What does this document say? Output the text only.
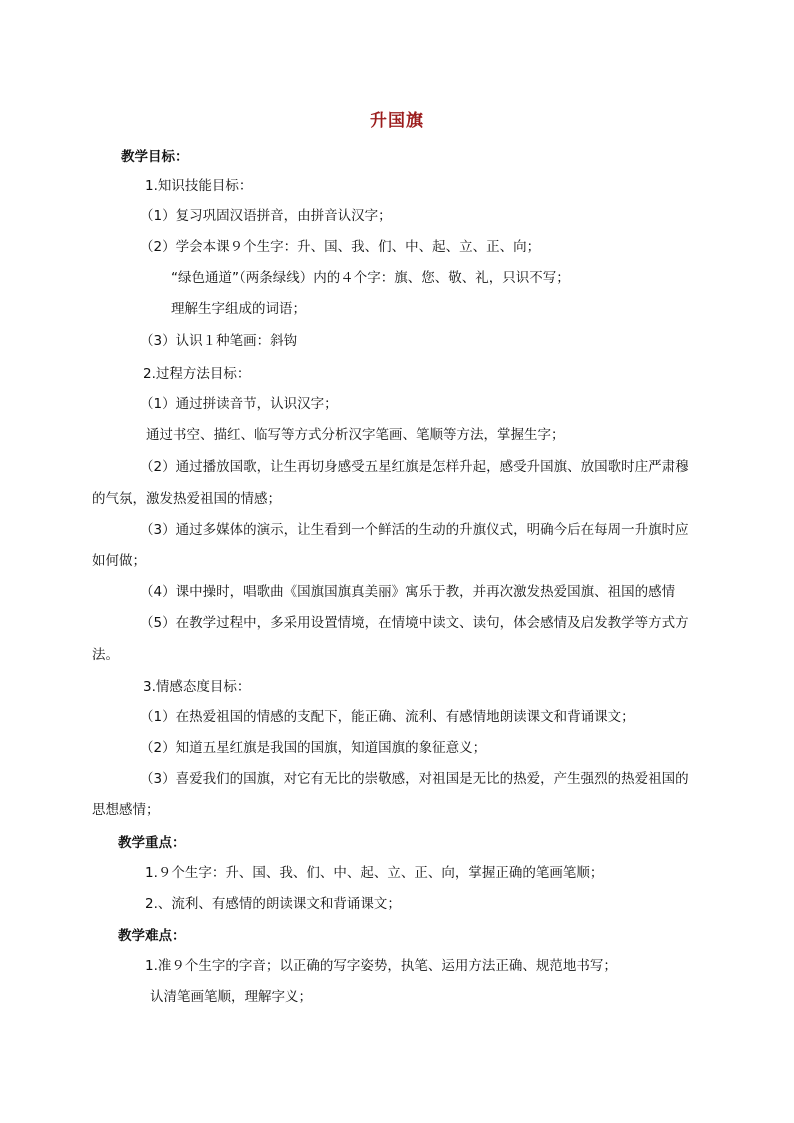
升国旗
教学目标：
1.知识技能目标：
（1）复习巩固汉语拼音，由拼音认汉字；
（2）学会本课９个生字：升、国、我、们、中、起、立、正、向；
“绿色通道”（两条绿线）内的４个字：旗、您、敬、礼，只识不写；
理解生字组成的词语；
（3）认识１种笔画：斜钩
2.过程方法目标：
（1）通过拼读音节，认识汉字；
通过书空、描红、临写等方式分析汉字笔画、笔顺等方法，掌握生字；
（2）通过播放国歌，让生再切身感受五星红旗是怎样升起，感受升国旗、放国歌时庄严肃穆
的气氛，激发热爱祖国的情感；
（3）通过多媒体的演示，让生看到一个鲜活的生动的升旗仪式，明确今后在每周一升旗时应
如何做；
（4）课中操时，唱歌曲《国旗国旗真美丽》寓乐于教，并再次激发热爱国旗、祖国的感情
（5）在教学过程中，多采用设置情境，在情境中读文、读句，体会感情及启发教学等方式方
法。
3.情感态度目标：
（1）在热爱祖国的情感的支配下，能正确、流利、有感情地朗读课文和背诵课文；
（2）知道五星红旗是我国的国旗，知道国旗的象征意义；
（3）喜爱我们的国旗，对它有无比的崇敬感，对祖国是无比的热爱，产生强烈的热爱祖国的
思想感情；
教学重点：
1.９个生字：升、国、我、们、中、起、立、正、向，掌握正确的笔画笔顺；
2.、流利、有感情的朗读课文和背诵课文；
教学难点：
1.准９个生字的字音；以正确的写字姿势，执笔、运用方法正确、规范地书写；
认清笔画笔顺，理解字义；
